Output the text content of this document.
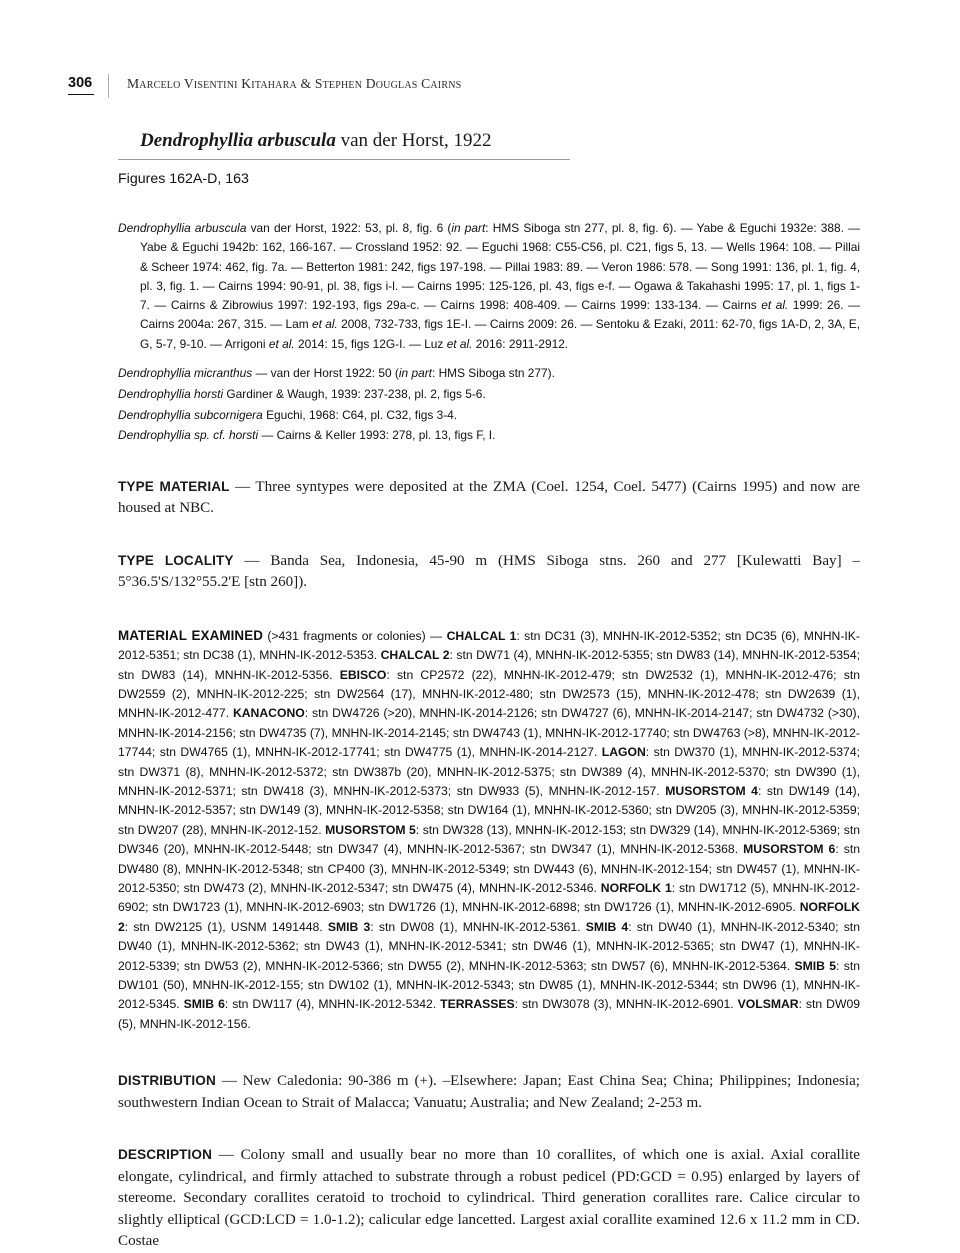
306	Marcelo Visentini Kitahara & Stephen Douglas Cairns
Dendrophyllia arbuscula van der Horst, 1922
Figures 162A-D, 163
Dendrophyllia arbuscula van der Horst, 1922: 53, pl. 8, fig. 6 (in part: HMS Siboga stn 277, pl. 8, fig. 6). — Yabe & Eguchi 1932e: 388. — Yabe & Eguchi 1942b: 162, 166-167. — Crossland 1952: 92. — Eguchi 1968: C55-C56, pl. C21, figs 5, 13. — Wells 1964: 108. — Pillai & Scheer 1974: 462, fig. 7a. — Betterton 1981: 242, figs 197-198. — Pillai 1983: 89. — Veron 1986: 578. — Song 1991: 136, pl. 1, fig. 4, pl. 3, fig. 1. — Cairns 1994: 90-91, pl. 38, figs i-l. — Cairns 1995: 125-126, pl. 43, figs e-f. — Ogawa & Takahashi 1995: 17, pl. 1, figs 1-7. — Cairns & Zibrowius 1997: 192-193, figs 29a-c. — Cairns 1998: 408-409. — Cairns 1999: 133-134. — Cairns et al. 1999: 26. — Cairns 2004a: 267, 315. — Lam et al. 2008, 732-733, figs 1E-I. — Cairns 2009: 26. — Sentoku & Ezaki, 2011: 62-70, figs 1A-D, 2, 3A, E, G, 5-7, 9-10. — Arrigoni et al. 2014: 15, figs 12G-I. — Luz et al. 2016: 2911-2912.
Dendrophyllia micranthus — van der Horst 1922: 50 (in part: HMS Siboga stn 277).
Dendrophyllia horsti Gardiner & Waugh, 1939: 237-238, pl. 2, figs 5-6.
Dendrophyllia subcornigera Eguchi, 1968: C64, pl. C32, figs 3-4.
Dendrophyllia sp. cf. horsti — Cairns & Keller 1993: 278, pl. 13, figs F, I.
TYPE MATERIAL — Three syntypes were deposited at the ZMA (Coel. 1254, Coel. 5477) (Cairns 1995) and now are housed at NBC.
TYPE LOCALITY — Banda Sea, Indonesia, 45-90 m (HMS Siboga stns. 260 and 277 [Kulewatti Bay] – 5°36.5'S/132°55.2'E [stn 260]).
MATERIAL EXAMINED (>431 fragments or colonies) — CHALCAL 1: stn DC31 (3), MNHN-IK-2012-5352; stn DC35 (6), MNHN-IK-2012-5351; stn DC38 (1), MNHN-IK-2012-5353. CHALCAL 2: stn DW71 (4), MNHN-IK-2012-5355; stn DW83 (14), MNHN-IK-2012-5354; stn DW83 (14), MNHN-IK-2012-5356. EBISCO: stn CP2572 (22), MNHN-IK-2012-479; stn DW2532 (1), MNHN-IK-2012-476; stn DW2559 (2), MNHN-IK-2012-225; stn DW2564 (17), MNHN-IK-2012-480; stn DW2573 (15), MNHN-IK-2012-478; stn DW2639 (1), MNHN-IK-2012-477. KANACONO: stn DW4726 (>20), MNHN-IK-2014-2126; stn DW4727 (6), MNHN-IK-2014-2147; stn DW4732 (>30), MNHN-IK-2014-2156; stn DW4735 (7), MNHN-IK-2014-2145; stn DW4743 (1), MNHN-IK-2012-17740; stn DW4763 (>8), MNHN-IK-2012-17744; stn DW4765 (1), MNHN-IK-2012-17741; stn DW4775 (1), MNHN-IK-2014-2127. LAGON: stn DW370 (1), MNHN-IK-2012-5374; stn DW371 (8), MNHN-IK-2012-5372; stn DW387b (20), MNHN-IK-2012-5375; stn DW389 (4), MNHN-IK-2012-5370; stn DW390 (1), MNHN-IK-2012-5371; stn DW418 (3), MNHN-IK-2012-5373; stn DW933 (5), MNHN-IK-2012-157. MUSORSTOM 4: stn DW149 (14), MNHN-IK-2012-5357; stn DW149 (3), MNHN-IK-2012-5358; stn DW164 (1), MNHN-IK-2012-5360; stn DW205 (3), MNHN-IK-2012-5359; stn DW207 (28), MNHN-IK-2012-152. MUSORSTOM 5: stn DW328 (13), MNHN-IK-2012-153; stn DW329 (14), MNHN-IK-2012-5369; stn DW346 (20), MNHN-IK-2012-5448; stn DW347 (4), MNHN-IK-2012-5367; stn DW347 (1), MNHN-IK-2012-5368. MUSORSTOM 6: stn DW480 (8), MNHN-IK-2012-5348; stn CP400 (3), MNHN-IK-2012-5349; stn DW443 (6), MNHN-IK-2012-154; stn DW457 (1), MNHN-IK-2012-5350; stn DW473 (2), MNHN-IK-2012-5347; stn DW475 (4), MNHN-IK-2012-5346. NORFOLK 1: stn DW1712 (5), MNHN-IK-2012-6902; stn DW1723 (1), MNHN-IK-2012-6903; stn DW1726 (1), MNHN-IK-2012-6898; stn DW1726 (1), MNHN-IK-2012-6905. NORFOLK 2: stn DW2125 (1), USNM 1491448. SMIB 3: stn DW08 (1), MNHN-IK-2012-5361. SMIB 4: stn DW40 (1), MNHN-IK-2012-5340; stn DW40 (1), MNHN-IK-2012-5362; stn DW43 (1), MNHN-IK-2012-5341; stn DW46 (1), MNHN-IK-2012-5365; stn DW47 (1), MNHN-IK-2012-5339; stn DW53 (2), MNHN-IK-2012-5366; stn DW55 (2), MNHN-IK-2012-5363; stn DW57 (6), MNHN-IK-2012-5364. SMIB 5: stn DW101 (50), MNHN-IK-2012-155; stn DW102 (1), MNHN-IK-2012-5343; stn DW85 (1), MNHN-IK-2012-5344; stn DW96 (1), MNHN-IK-2012-5345. SMIB 6: stn DW117 (4), MNHN-IK-2012-5342. TERRASSES: stn DW3078 (3), MNHN-IK-2012-6901. VOLSMAR: stn DW09 (5), MNHN-IK-2012-156.
DISTRIBUTION — New Caledonia: 90-386 m (+). –Elsewhere: Japan; East China Sea; China; Philippines; Indonesia; southwestern Indian Ocean to Strait of Malacca; Vanuatu; Australia; and New Zealand; 2-253 m.
DESCRIPTION — Colony small and usually bear no more than 10 corallites, of which one is axial. Axial corallite elongate, cylindrical, and firmly attached to substrate through a robust pedicel (PD:GCD = 0.95) enlarged by layers of stereome. Secondary corallites ceratoid to trochoid to cylindrical. Third generation corallites rare. Calice circular to slightly elliptical (GCD:LCD = 1.0-1.2); calicular edge lancetted. Largest axial corallite examined 12.6 x 11.2 mm in CD. Costae
